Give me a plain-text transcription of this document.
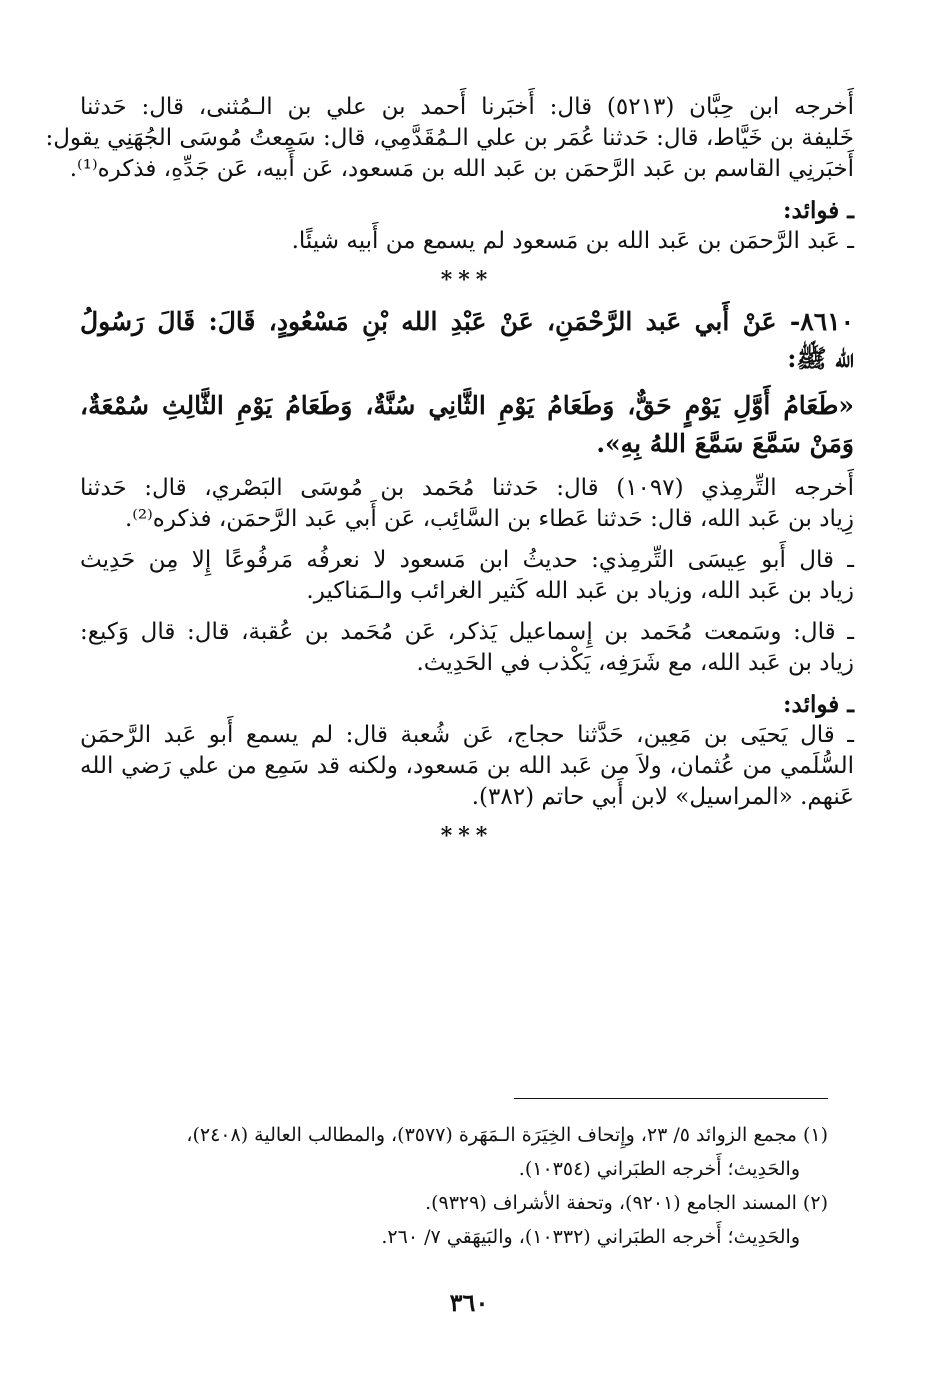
أَخرجه ابن حِبَّان (٥٢١٣) قال: أَخبَرنا أَحمد بن علي بن الـمُثنى، قال: حَدثنا
خَليفة بن خَيَّاط، قال: حَدثنا عُمَر بن علي الـمُقَدَّمِي، قال: سَمِعتُ مُوسَى الجُهَنِي يقول:
أَخبَرنِي القاسم بن عَبد الرَّحمَن بن عَبد الله بن مَسعود، عَن أَبيه، عَن جَدِّهِ، فذكره⁽¹⁾.
ـ فوائد:
ـ عَبد الرَّحمَن بن عَبد الله بن مَسعود لم يسمع من أَبيه شيئًا.
***
٨٦١٠- عَنْ أَبي عَبد الرَّحْمَنِ، عَنْ عَبْدِ الله بْنِ مَسْعُودٍ، قَالَ: قَالَ رَسُولُ
الله ﷺ:
«طَعَامُ أَوَّلِ يَوْمٍ حَقٌّ، وَطَعَامُ يَوْمِ الثَّانِي سُنَّةٌ، وَطَعَامُ يَوْمِ الثَّالِثِ سُمْعَةٌ،
وَمَنْ سَمَّعَ سَمَّعَ اللهُ بِهِ».
أَخرجه التِّرمِذي (١٠٩٧) قال: حَدثنا مُحَمد بن مُوسَى البَصْري، قال: حَدثنا
زِياد بن عَبد الله، قال: حَدثنا عَطاء بن السَّائِب، عَن أَبي عَبد الرَّحمَن، فذكره⁽²⁾.
ـ قال أَبو عِيسَى التِّرمِذي: حديثُ ابن مَسعود لا نعرفُه مَرفُوعًا إِلا مِن حَدِيث
زياد بن عَبد الله، وزياد بن عَبد الله كَثير الغرائب والـمَناكير.
ـ قال: وسَمعت مُحَمد بن إِسماعيل يَذكر، عَن مُحَمد بن عُقبة، قال: قال وَكيع:
زياد بن عَبد الله، مع شَرَفِه، يَكْذب في الحَدِيث.
ـ فوائد:
ـ قال يَحيَى بن مَعِين، حَدَّثنا حجاج، عَن شُعبة قال: لم يسمع أَبو عَبد الرَّحمَن
السُّلَمي من عُثمان، ولاَ من عَبد الله بن مَسعود، ولكنه قد سَمِع من علي رَضي الله
عَنهم. «المراسيل» لابن أَبي حاتم (٣٨٢).
***
(١) مجمع الزوائد ٥/ ٢٣، وإِتحاف الخِيَرَة الـمَهَرة (٣٥٧٧)، والمطالب العالية (٢٤٠٨)،
والحَدِيث؛ أَخرجه الطبَراني (١٠٣٥٤).
(٢) المسند الجامع (٩٢٠١)، وتحفة الأشراف (٩٣٢٩).
والحَدِيث؛ أَخرجه الطبَراني (١٠٣٣٢)، والبَيهَقي ٧/ ٢٦٠.
٣٦٠
